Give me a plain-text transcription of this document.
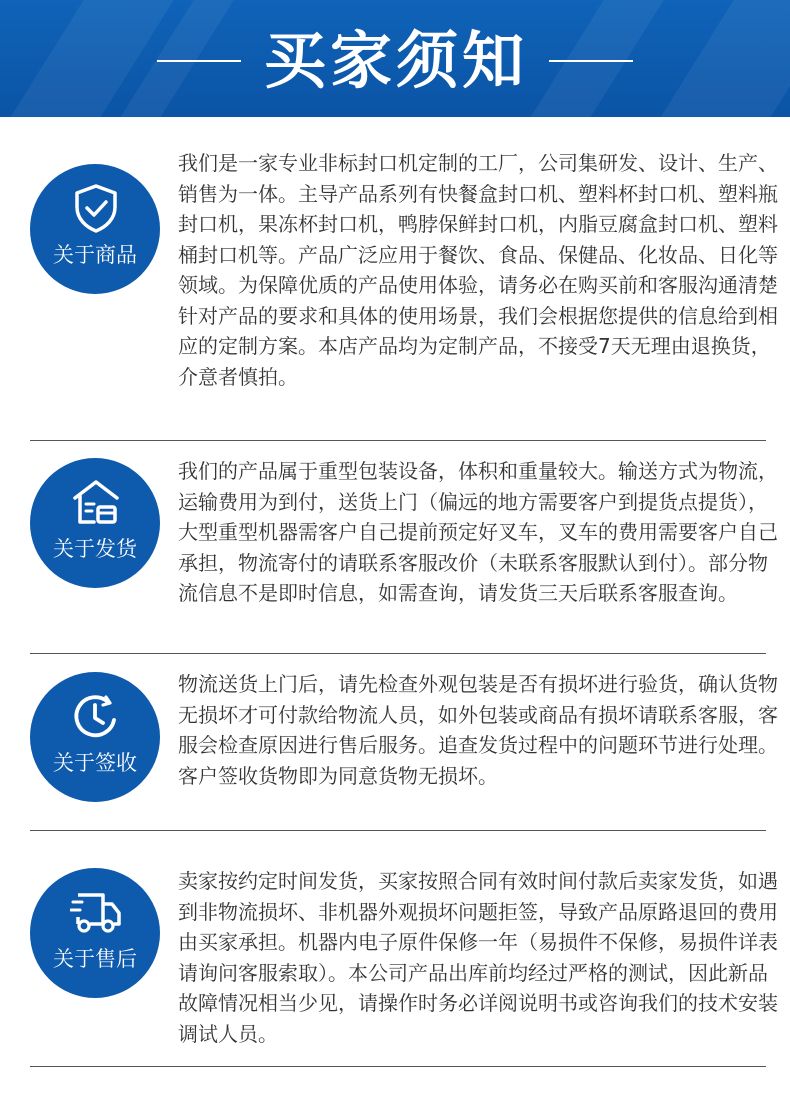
买家须知
关于商品
我们是一家专业非标封口机定制的工厂，公司集研发、设计、生产、销售为一体。主导产品系列有快餐盒封口机、塑料杯封口机、塑料瓶封口机，果冻杯封口机，鸭脖保鲜封口机，内脂豆腐盒封口机、塑料桶封口机等。产品广泛应用于餐饮、食品、保健品、化妆品、日化等领域。为保障优质的产品使用体验，请务必在购买前和客服沟通清楚针对产品的要求和具体的使用场景，我们会根据您提供的信息给到相应的定制方案。本店产品均为定制产品，不接受7天无理由退换货，介意者慎拍。
关于发货
我们的产品属于重型包装设备，体积和重量较大。输送方式为物流，运输费用为到付，送货上门（偏远的地方需要客户到提货点提货），大型重型机器需客户自己提前预定好叉车，叉车的费用需要客户自己承担，物流寄付的请联系客服改价（未联系客服默认到付）。部分物流信息不是即时信息，如需查询，请发货三天后联系客服查询。
关于签收
物流送货上门后，请先检查外观包装是否有损坏进行验货，确认货物无损坏才可付款给物流人员，如外包装或商品有损坏请联系客服，客服会检查原因进行售后服务。追查发货过程中的问题环节进行处理。客户签收货物即为同意货物无损坏。
关于售后
卖家按约定时间发货，买家按照合同有效时间付款后卖家发货，如遇到非物流损坏、非机器外观损坏问题拒签，导致产品原路退回的费用由买家承担。机器内电子原件保修一年（易损件不保修，易损件详表请询问客服索取）。本公司产品出库前均经过严格的测试，因此新品故障情况相当少见，请操作时务必详阅说明书或咨询我们的技术安装调试人员。
